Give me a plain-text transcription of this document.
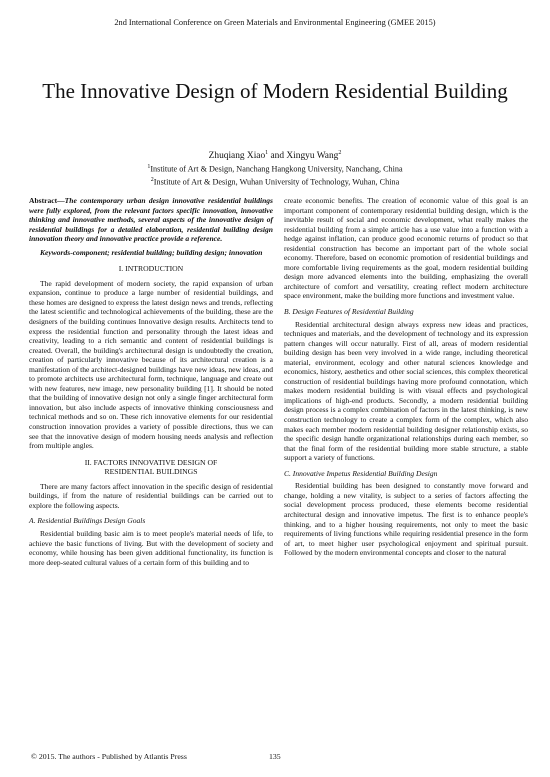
2nd International Conference on Green Materials and Environmental Engineering (GMEE 2015)
The Innovative Design of Modern Residential Building
Zhuqiang Xiao$^1$ and Xingyu Wang$^2$
$^1$Institute of Art & Design, Nanchang Hangkong University, Nanchang, China
$^2$Institute of Art & Design, Wuhan University of Technology, Wuhan, China

Abstract—The contemporary urban design innovative residential buildings were fully explored, from the relevant factors specific innovation, innovative thinking and innovative methods, several aspects of the innovative design of residential buildings for a detailed elaboration, residential building design innovation theory and innovative practice provide a reference.

Keywords-component; residential building; building design; innovation

I. INTRODUCTION

The rapid development of modern society, the rapid expansion of urban expansion, continue to produce a large number of residential buildings, and these homes are designed to express the latest design news and trends, reflecting the latest scientific and technological achievements of the building, these are the designers of the building continues Innovative design results. Architects tend to express the residential function and personality through the latest ideas and creativity, leading to a rich semantic and content of residential buildings is created. Overall, the building's architectural design is undoubtedly the creation, creation of particularly innovative because of its architectural creation is a manifestation of the architect-designed buildings have new ideas, new ideas, and to promote architects use architectural form, technique, language and create out with new features, new image, new personality building [1]. It should be noted that the building of innovative design not only a single finger architectural form innovation, but also include aspects of innovative thinking consciousness and technical methods and so on. These rich innovative elements for our residential construction innovation provides a variety of possible directions, thus we can see that the innovative design of modern housing needs analysis and reflection from multiple angles.

II. FACTORS INNOVATIVE DESIGN OF
RESIDENTIAL BUILDINGS

There are many factors affect innovation in the specific design of residential buildings, if from the nature of residential buildings can be carried out to explore the following aspects.

A. Residential Buildings Design Goals

Residential building basic aim is to meet people's material needs of life, to achieve the basic functions of living. But with the development of society and economy, while housing has been given additional functionality, its function is more deep-seated cultural values of a certain form of this building and to

create economic benefits. The creation of economic value of this goal is an important component of contemporary residential building design, which is the inevitable result of social and economic development, what really makes the residential building from a simple article has a use value into a function with a hedge against inflation, can produce good economic returns of product so that residential construction has become an important part of the whole social economy. Therefore, based on economic promotion of residential buildings and more comfortable living requirements as the goal, modern residential building design more advanced elements into the building, emphasizing the overall architecture of comfort and versatility, creating reflect modern architecture space environment, make the building more functions and investment value.

B. Design Features of Residential Building

Residential architectural design always express new ideas and practices, techniques and materials, and the development of technology and its expression pattern changes will occur naturally. First of all, areas of modern residential building design has been very involved in a wide range, including theoretical material, environment, ecology and other natural sciences knowledge and economics, history, aesthetics and other social sciences, this complex theoretical construction of residential buildings having more profound connotation, which makes modern residential building is with visual effects and psychological implications of high-end products. Secondly, a modern residential building design process is a complex combination of factors in the latest thinking, is new construction technology to create a complex form of the complex, which also makes each member modern residential building designer relationship exists, so the specific design handle organizational relationships during each member, so that the final form of the residential building more stable structure, a stable support a variety of functions.

C. Innovative Impetus Residential Building Design

Residential building has been designed to constantly move forward and change, holding a new vitality, is subject to a series of factors affecting the social development process produced, these elements become residential architectural design and innovative impetus. The first is to enhance people's thinking, and to a higher housing requirements, not only to meet the basic requirements of living functions while requiring residential presence in the form of art, to meet higher user psychological enjoyment and spiritual pursuit. Followed by the modern environmental concepts and closer to the natural

© 2015. The authors - Published by Atlantis Press	135
